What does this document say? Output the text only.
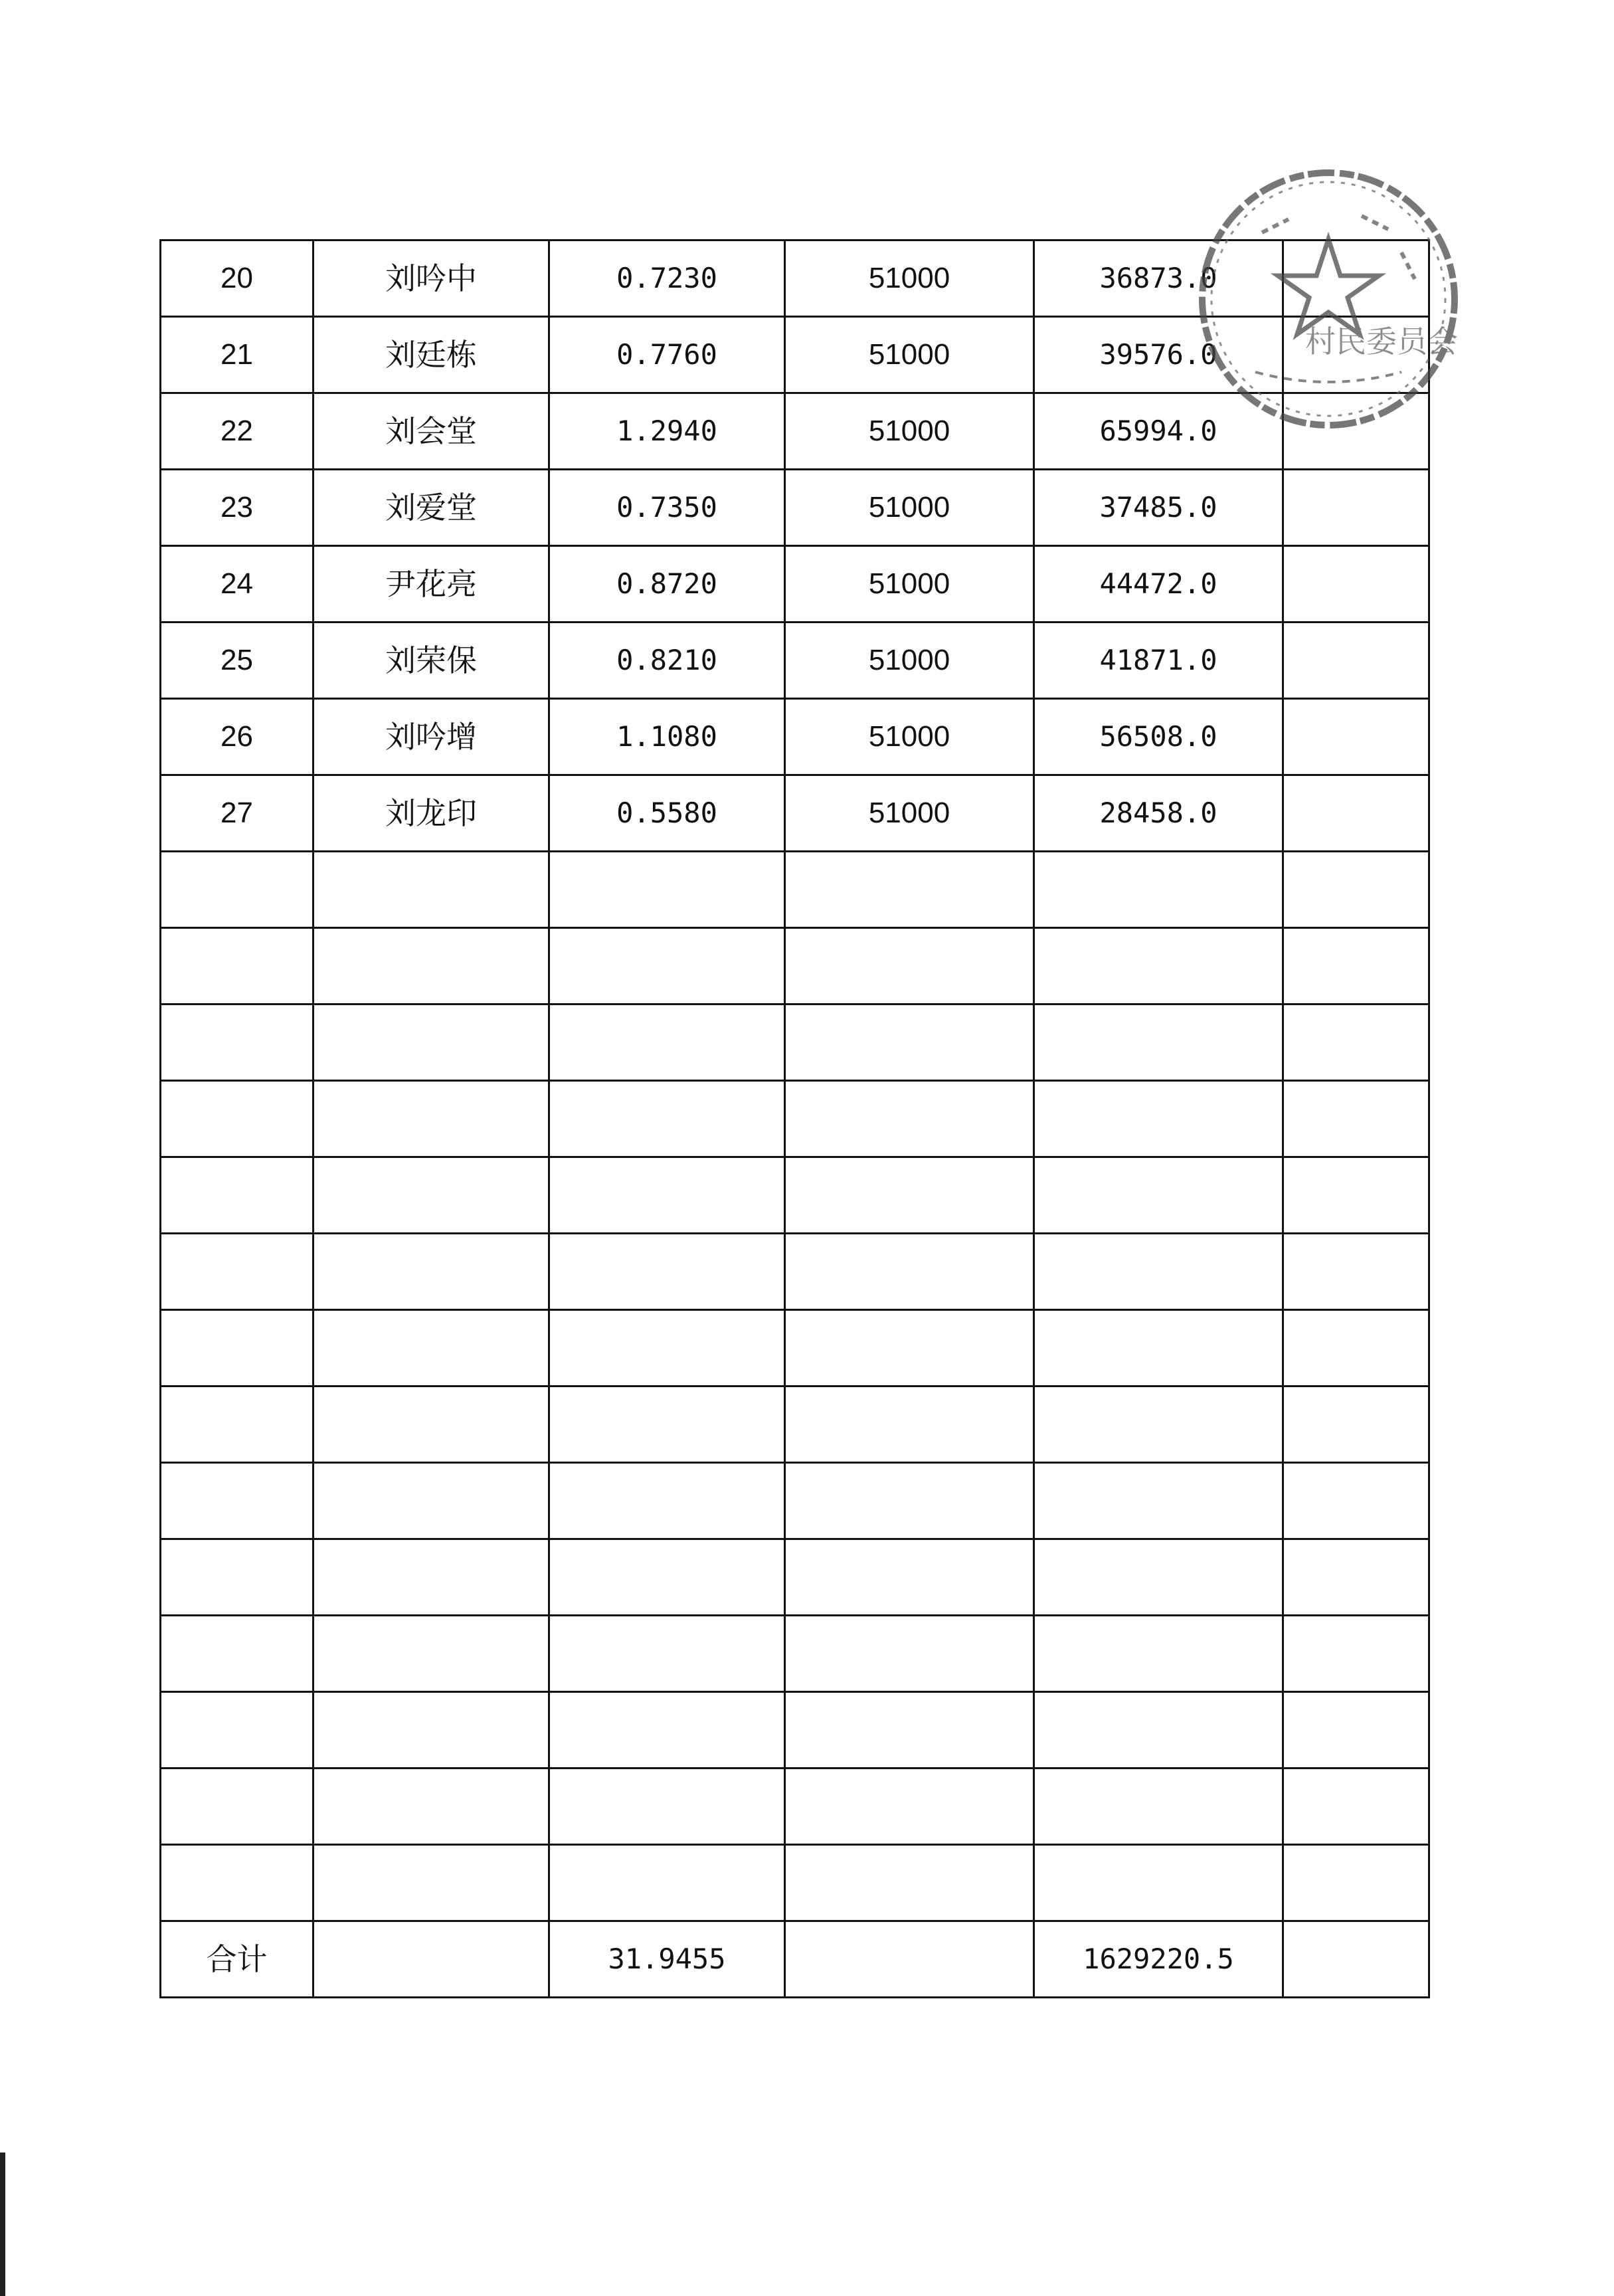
20	刘吟中	0.7230	51000	36873.0	
21	刘廷栋	0.7760	51000	39576.0	
22	刘会堂	1.2940	51000	65994.0	
23	刘爱堂	0.7350	51000	37485.0	
24	尹花亮	0.8720	51000	44472.0	
25	刘荣保	0.8210	51000	41871.0	
26	刘吟增	1.1080	51000	56508.0	
27	刘龙印	0.5580	51000	28458.0	

合计		31.9455		1629220.5	
村民委员会
